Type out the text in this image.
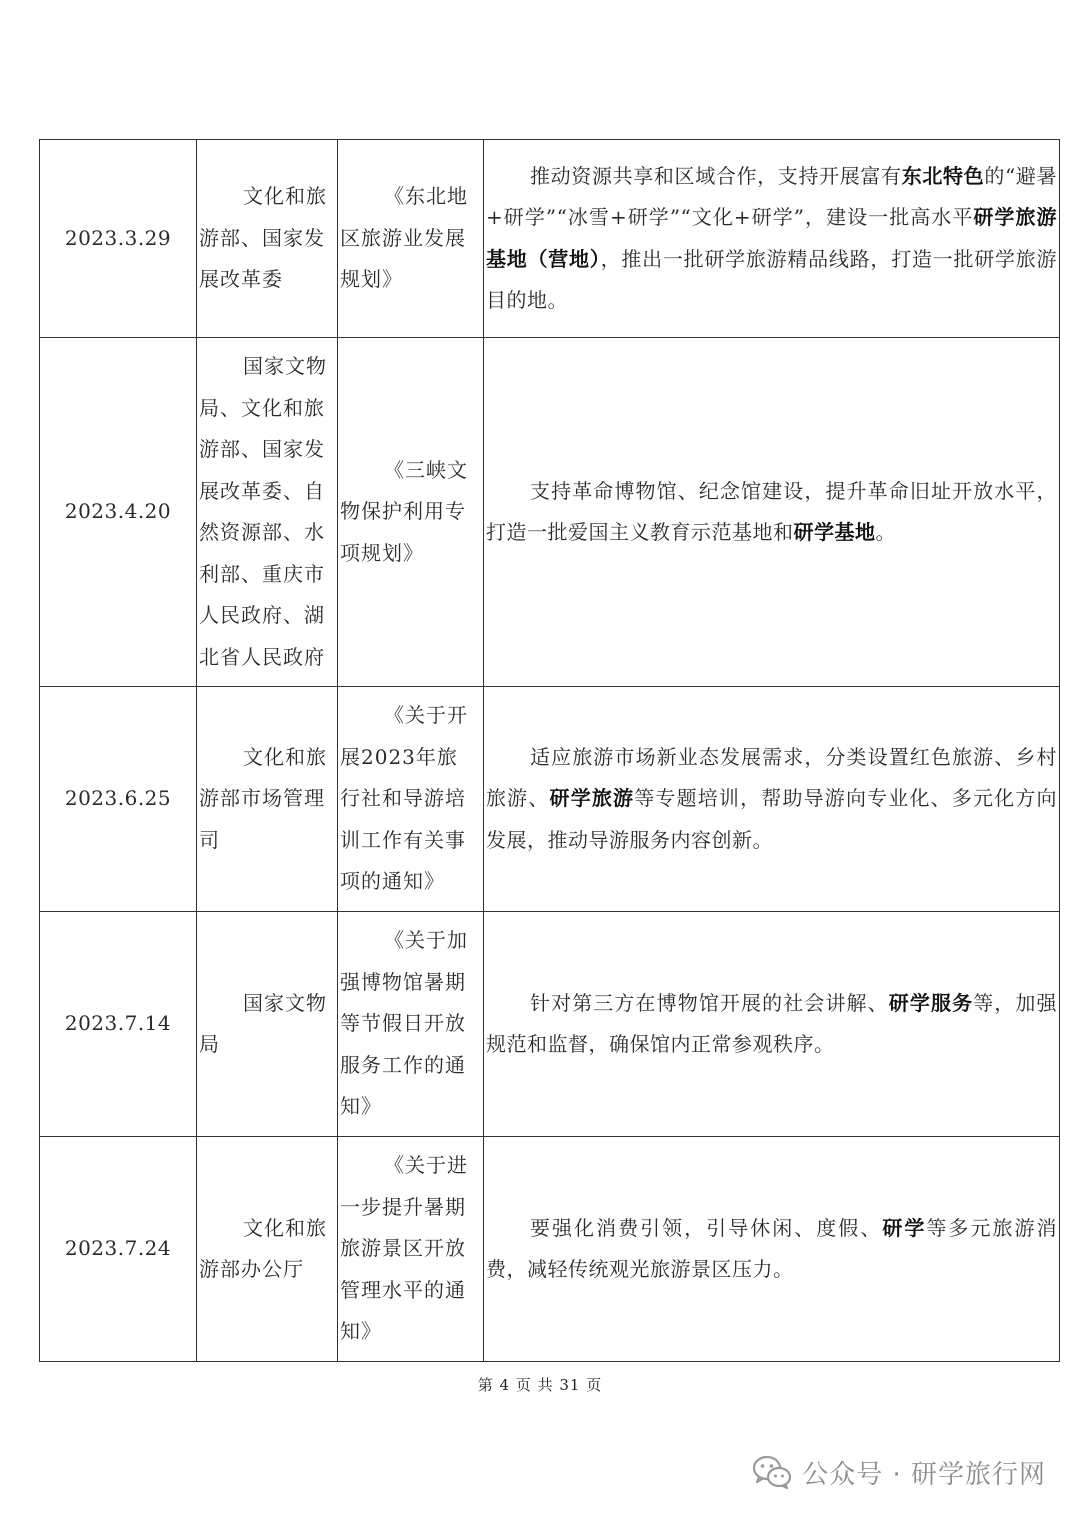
2023.3.29	文化和旅游部、国家发展改革委	《东北地区旅游业发展规划》	推动资源共享和区域合作，支持开展富有东北特色的“避暑+研学”“冰雪+研学”“文化+研学”，建设一批高水平研学旅游基地（营地），推出一批研学旅游精品线路，打造一批研学旅游目的地。
2023.4.20	国家文物局、文化和旅游部、国家发展改革委、自然资源部、水利部、重庆市人民政府、湖北省人民政府	《三峡文物保护利用专项规划》	支持革命博物馆、纪念馆建设，提升革命旧址开放水平，打造一批爱国主义教育示范基地和研学基地。
2023.6.25	文化和旅游部市场管理司	《关于开展2023年旅行社和导游培训工作有关事项的通知》	适应旅游市场新业态发展需求，分类设置红色旅游、乡村旅游、研学旅游等专题培训，帮助导游向专业化、多元化方向发展，推动导游服务内容创新。
2023.7.14	国家文物局	《关于加强博物馆暑期等节假日开放服务工作的通知》	针对第三方在博物馆开展的社会讲解、研学服务等，加强规范和监督，确保馆内正常参观秩序。
2023.7.24	文化和旅游部办公厅	《关于进一步提升暑期旅游景区开放管理水平的通知》	要强化消费引领，引导休闲、度假、研学等多元旅游消费，减轻传统观光旅游景区压力。
第 4 页 共 31 页
公众号 · 研学旅行网
